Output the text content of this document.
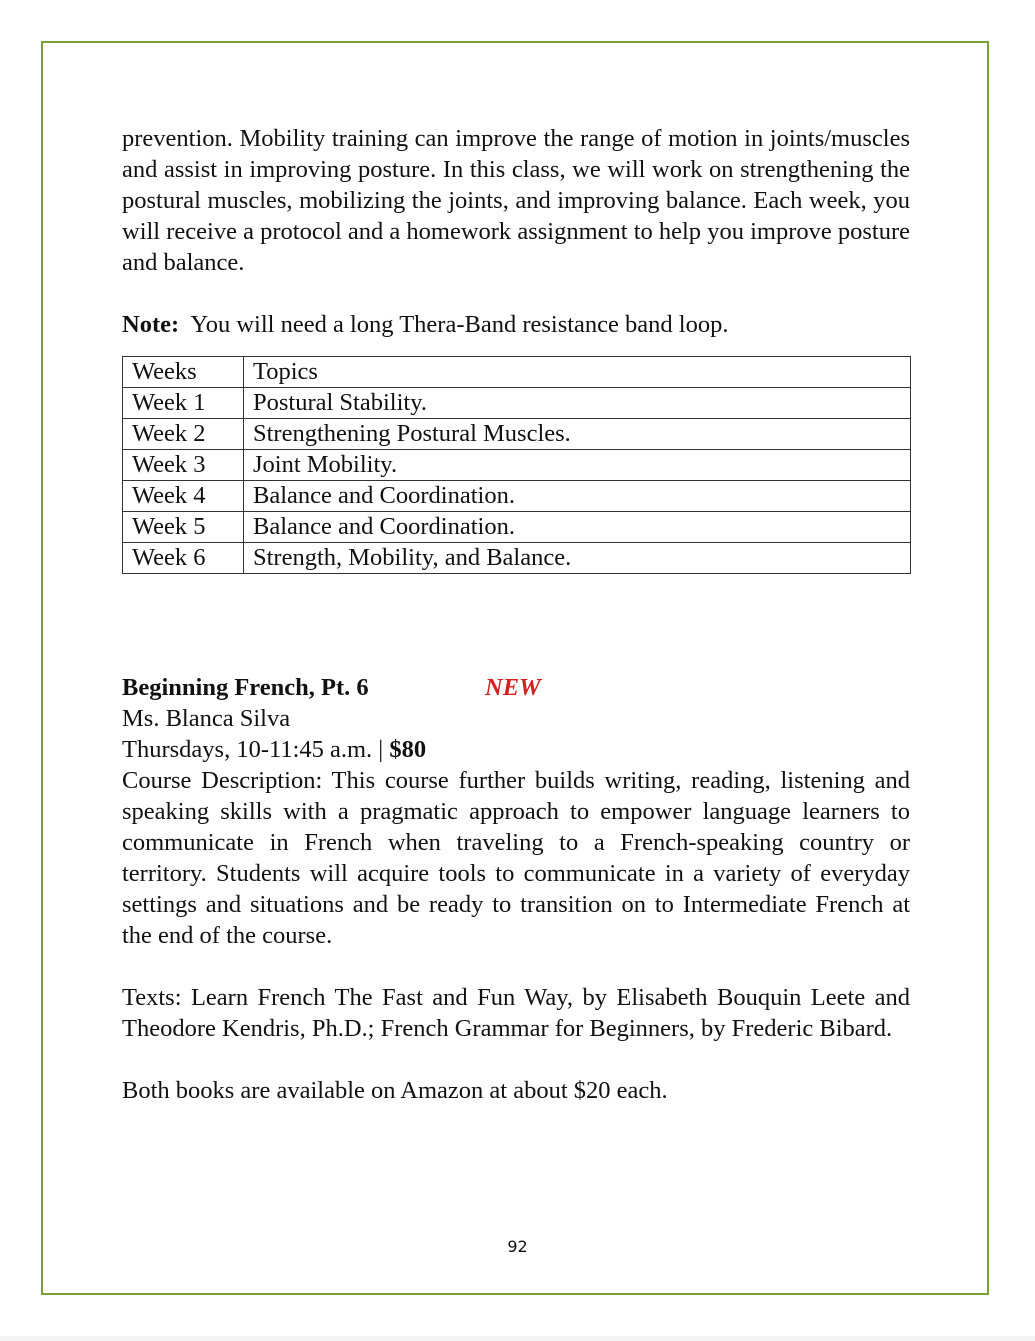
prevention. Mobility training can improve the range of motion in joints/muscles and assist in improving posture. In this class, we will work on strengthening the postural muscles, mobilizing the joints, and improving balance. Each week, you will receive a protocol and a homework assignment to help you improve posture and balance.

Note:  You will need a long Thera-Band resistance band loop.

Weeks	Topics
Week 1	Postural Stability.
Week 2	Strengthening Postural Muscles.
Week 3	Joint Mobility.
Week 4	Balance and Coordination.
Week 5	Balance and Coordination.
Week 6	Strength, Mobility, and Balance.
Beginning French, Pt. 6	NEW

Ms. Blanca Silva

Thursdays, 10-11:45 a.m. | $80

Course Description: This course further builds writing, reading, listening and speaking skills with a pragmatic approach to empower language learners to communicate in French when traveling to a French-speaking country or territory. Students will acquire tools to communicate in a variety of everyday settings and situations and be ready to transition on to Intermediate French at the end of the course.

Texts: Learn French The Fast and Fun Way, by Elisabeth Bouquin Leete and Theodore Kendris, Ph.D.; French Grammar for Beginners, by Frederic Bibard.

Both books are available on Amazon at about $20 each.

92
